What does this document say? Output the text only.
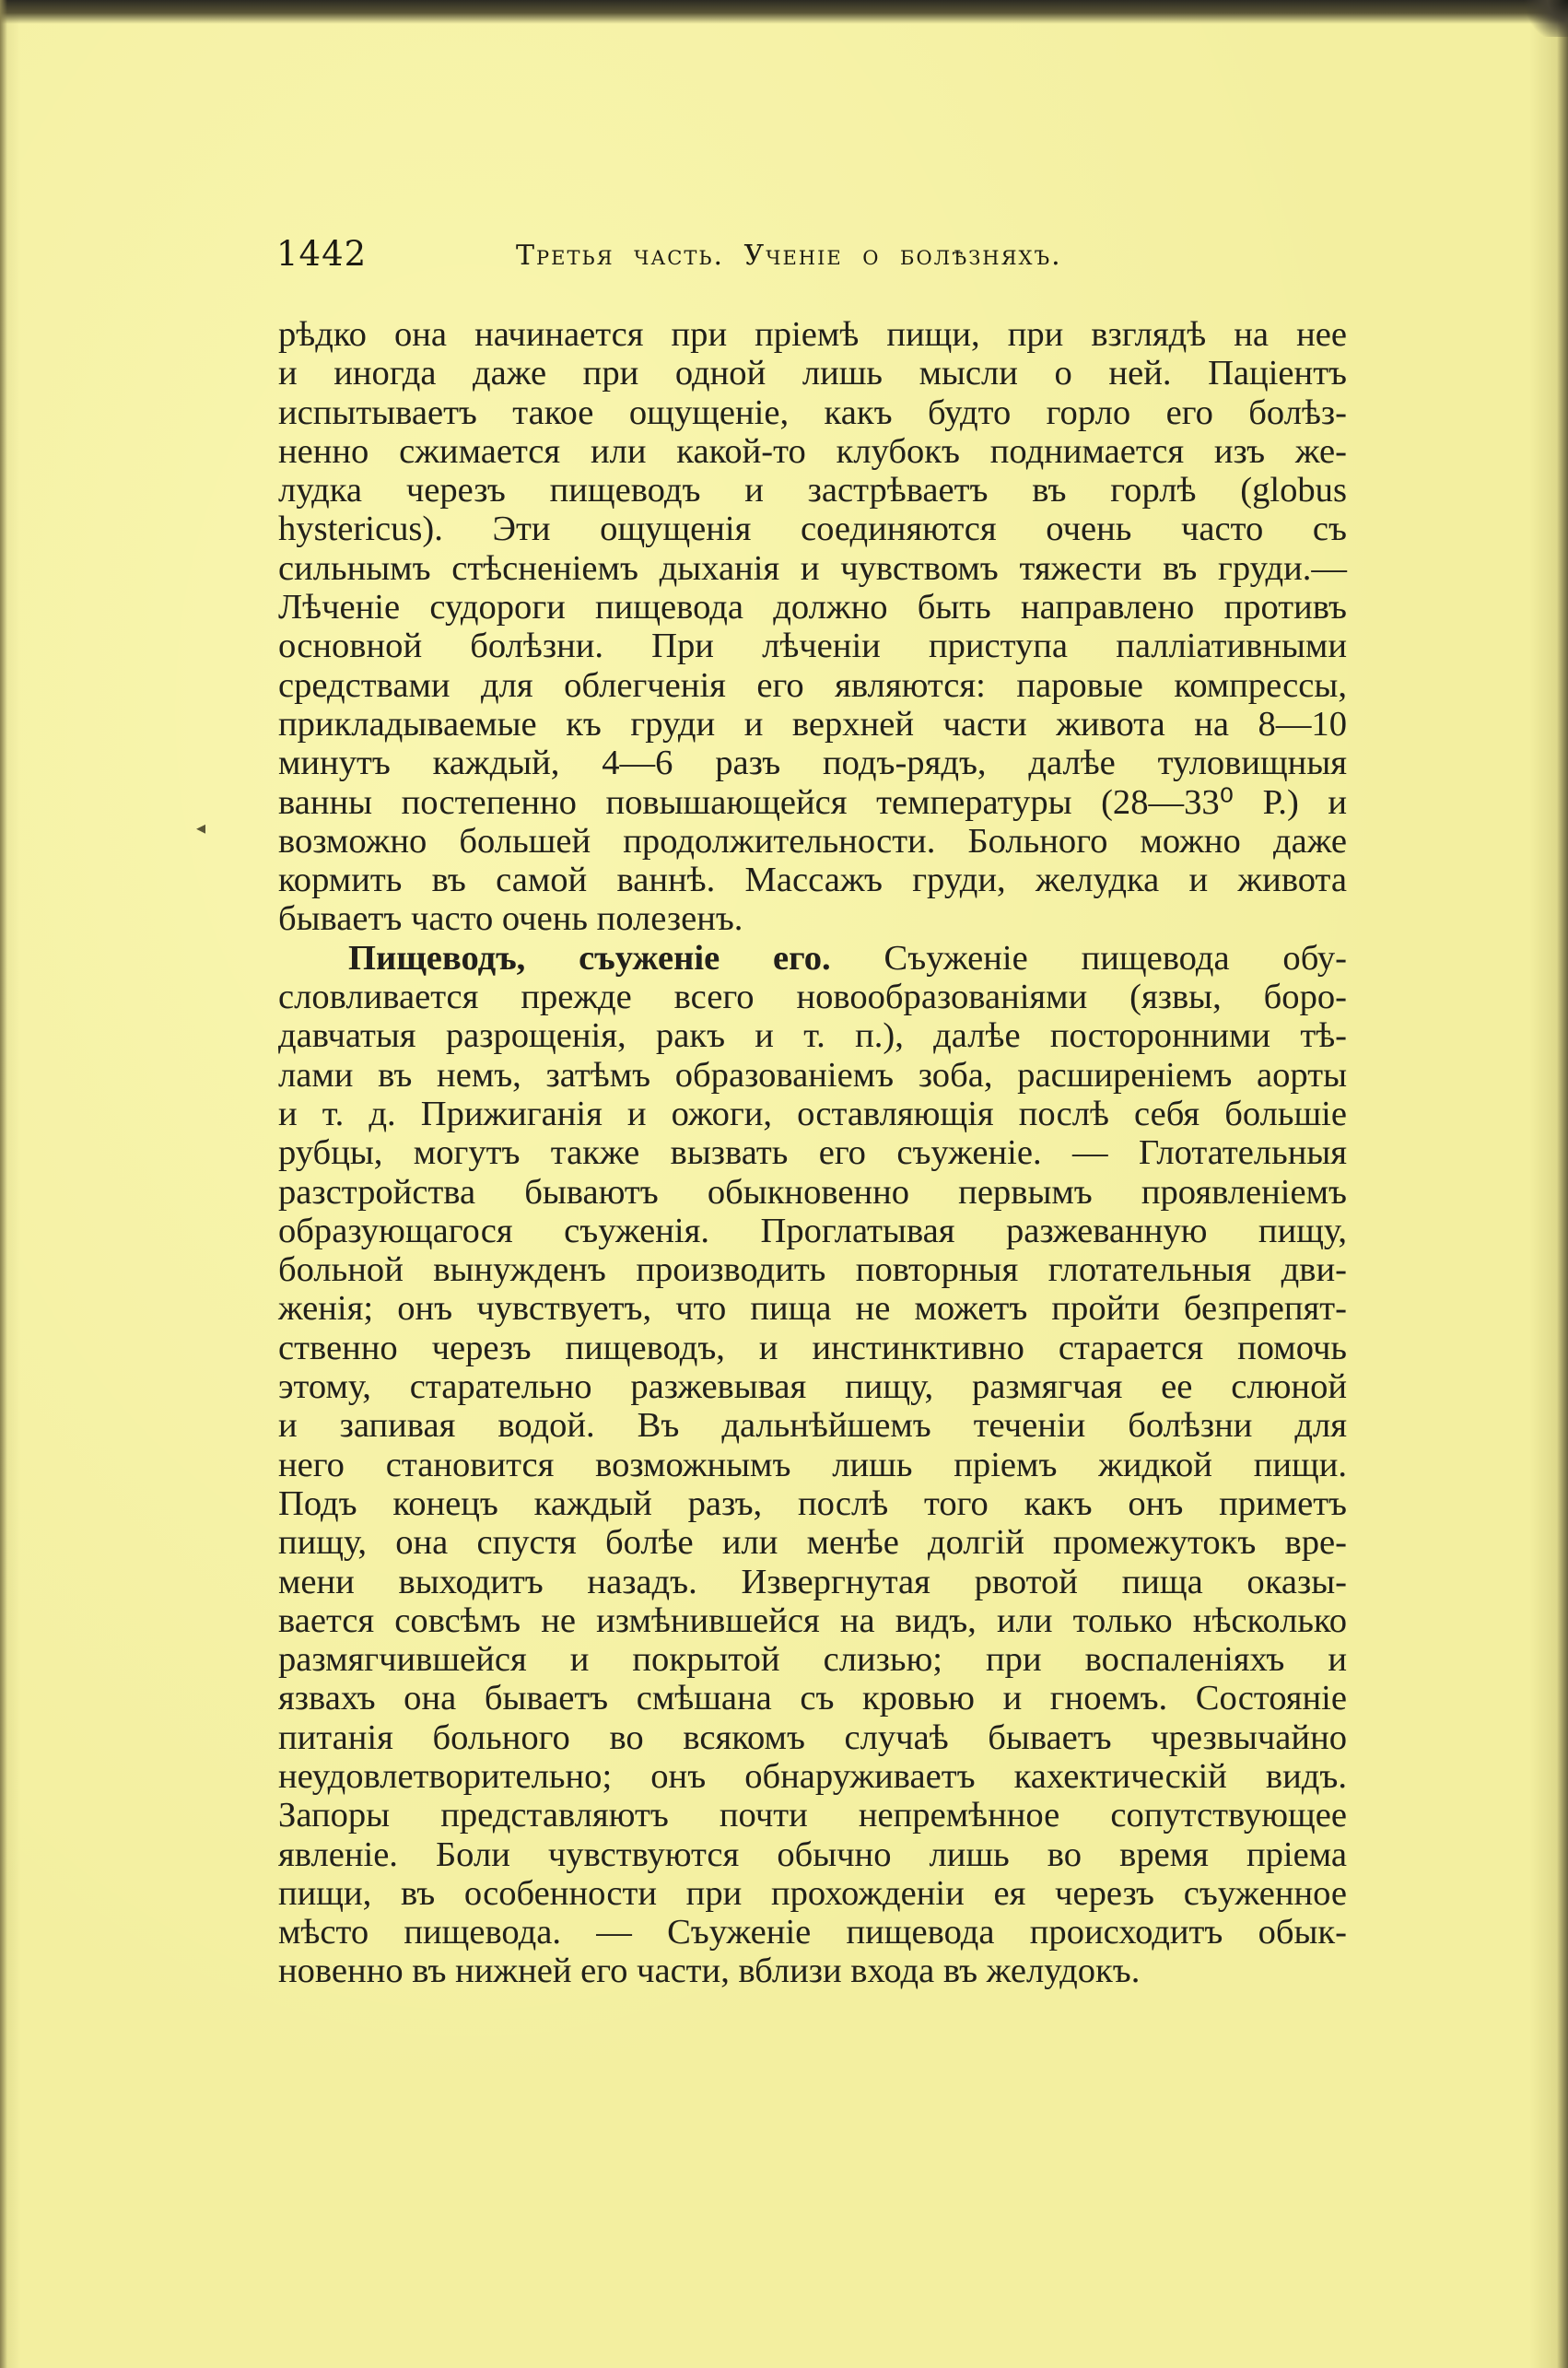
1442	Третья часть. Ученіе о болѣзняхъ.
◂
рѣдко она начинается при пріемѣ пищи, при взглядѣ на нее
и иногда даже при одной лишь мысли о ней. Паціентъ
испытываетъ такое ощущеніе, какъ будто горло его болѣз-
ненно сжимается или какой-то клубокъ поднимается изъ же-
лудка черезъ пищеводъ и застрѣваетъ въ горлѣ (globus
hystericus). Эти ощущенія соединяются очень часто съ
сильнымъ стѣсненіемъ дыханія и чувствомъ тяжести въ груди.—
Лѣченіе судороги пищевода должно быть направлено противъ
основной болѣзни. При лѣченіи приступа палліативными
средствами для облегченія его являются: паровые компрессы,
прикладываемые къ груди и верхней части живота на 8—10
минутъ каждый, 4—6 разъ подъ-рядъ, далѣе туловищныя
ванны постепенно повышающейся температуры (28—33⁰ Р.) и
возможно большей продолжительности. Больного можно даже
кормить въ самой ваннѣ. Массажъ груди, желудка и живота
бываетъ часто очень полезенъ.
Пищеводъ, съуженіе его. Съуженіе пищевода обу-
словливается прежде всего новообразованіями (язвы, боро-
давчатыя разрощенія, ракъ и т. п.), далѣе посторонними тѣ-
лами въ немъ, затѣмъ образованіемъ зоба, расширеніемъ аорты
и т. д. Прижиганія и ожоги, оставляющія послѣ себя большіе
рубцы, могутъ также вызвать его съуженіе. — Глотательныя
разстройства бываютъ обыкновенно первымъ проявленіемъ
образующагося съуженія. Проглатывая разжеванную пищу,
больной вынужденъ производить повторныя глотательныя дви-
женія; онъ чувствуетъ, что пища не можетъ пройти безпрепят-
ственно черезъ пищеводъ, и инстинктивно старается помочь
этому, старательно разжевывая пищу, размягчая ее слюной
и запивая водой. Въ дальнѣйшемъ теченіи болѣзни для
него становится возможнымъ лишь пріемъ жидкой пищи.
Подъ конецъ каждый разъ, послѣ того какъ онъ приметъ
пищу, она спустя болѣе или менѣе долгій промежутокъ вре-
мени выходитъ назадъ. Извергнутая рвотой пища оказы-
вается совсѣмъ не измѣнившейся на видъ, или только нѣсколько
размягчившейся и покрытой слизью; при воспаленіяхъ и
язвахъ она бываетъ смѣшана съ кровью и гноемъ. Состояніе
питанія больного во всякомъ случаѣ бываетъ чрезвычайно
неудовлетворительно; онъ обнаруживаетъ кахектическій видъ.
Запоры представляютъ почти непремѣнное сопутствующее
явленіе. Боли чувствуются обычно лишь во время пріема
пищи, въ особенности при прохожденіи ея черезъ съуженное
мѣсто пищевода. — Съуженіе пищевода происходитъ обык-
новенно въ нижней его части, вблизи входа въ желудокъ.
